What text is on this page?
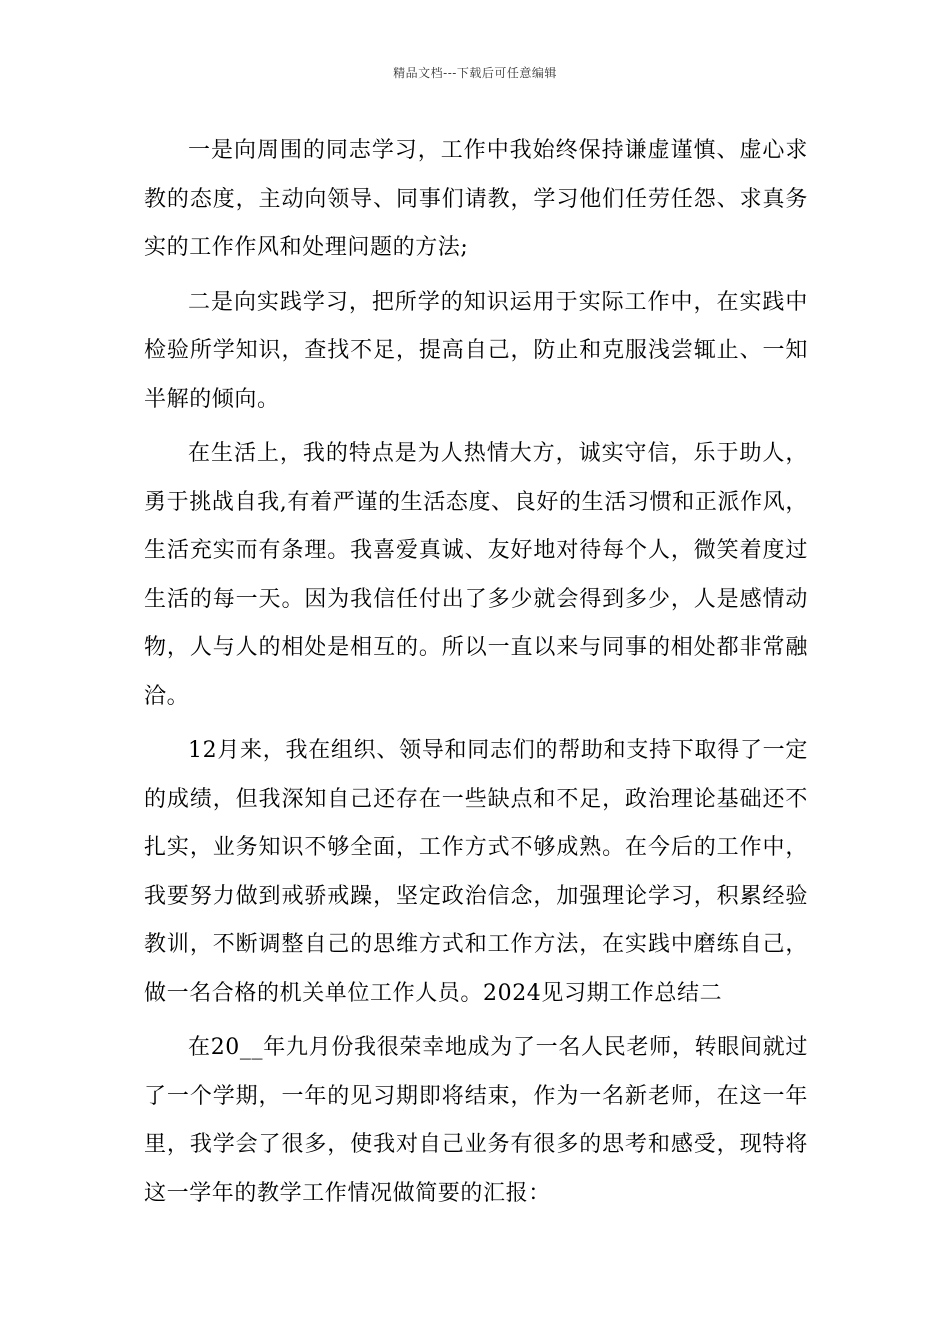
精品文档---下载后可任意编辑

一是向周围的同志学习，工作中我始终保持谦虚谨慎、虚心求教的态度，主动向领导、同事们请教，学习他们任劳任怨、求真务实的工作作风和处理问题的方法;

二是向实践学习，把所学的知识运用于实际工作中，在实践中检验所学知识，查找不足，提高自己，防止和克服浅尝辄止、一知半解的倾向。

在生活上，我的特点是为人热情大方，诚实守信，乐于助人，勇于挑战自我,有着严谨的生活态度、良好的生活习惯和正派作风，生活充实而有条理。我喜爱真诚、友好地对待每个人，微笑着度过生活的每一天。因为我信任付出了多少就会得到多少，人是感情动物，人与人的相处是相互的。所以一直以来与同事的相处都非常融洽。

12月来，我在组织、领导和同志们的帮助和支持下取得了一定的成绩，但我深知自己还存在一些缺点和不足，政治理论基础还不扎实，业务知识不够全面，工作方式不够成熟。在今后的工作中，我要努力做到戒骄戒躁，坚定政治信念，加强理论学习，积累经验教训，不断调整自己的思维方式和工作方法，在实践中磨练自己，做一名合格的机关单位工作人员。2024见习期工作总结二

在20__年九月份我很荣幸地成为了一名人民老师，转眼间就过了一个学期，一年的见习期即将结束，作为一名新老师，在这一年里，我学会了很多，使我对自己业务有很多的思考和感受，现特将这一学年的教学工作情况做简要的汇报：
